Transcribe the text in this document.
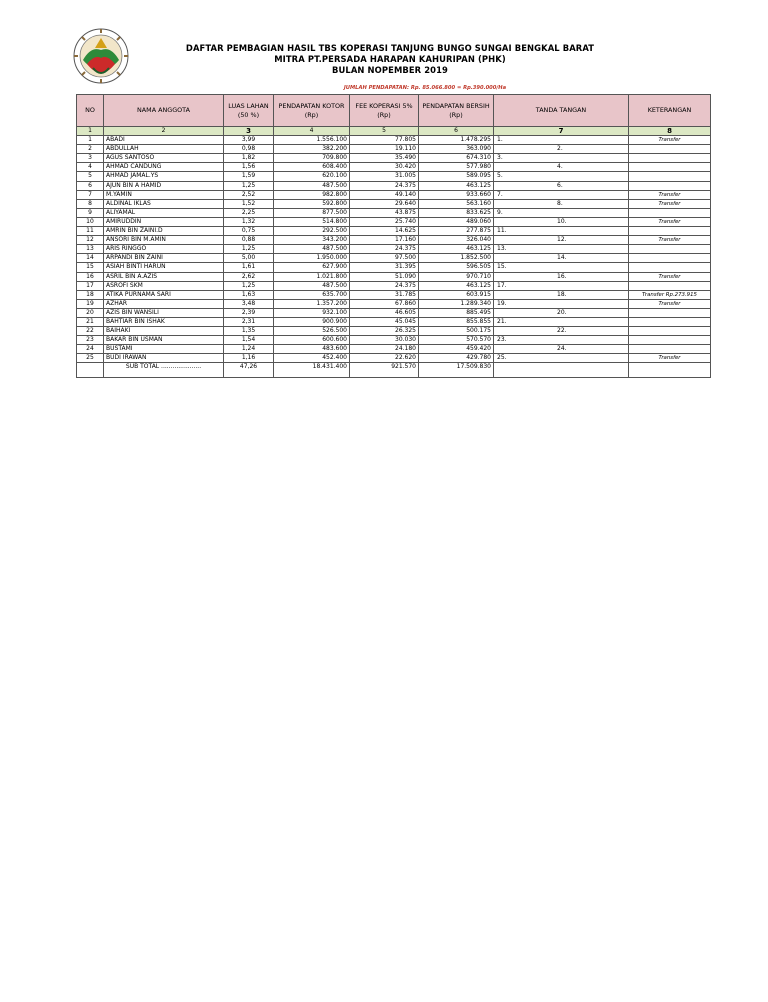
DAFTAR PEMBAGIAN HASIL TBS KOPERASI TANJUNG BUNGO SUNGAI BENGKAL BARAT
MITRA PT.PERSADA HARAPAN KAHURIPAN (PHK)
BULAN NOPEMBER 2019
JUMLAH PENDAPATAN: Rp. 85.066.800 = Rp.390.000/Ha
NO	NAMA ANGGOTA	LUAS LAHAN (50 %)	PENDAPATAN KOTOR (Rp)	FEE KOPERASI 5% (Rp)	PENDAPATAN BERSIH (Rp)	TANDA TANGAN	KETERANGAN
1	2	3	4	5	6	7	8
1	ABADI	3,99	1.556.100	77.805	1.478.295	1.	Transfer
2	ABDULLAH	0,98	382.200	19.110	363.090	2.	

3	AGUS SANTOSO	1,82	709.800	35.490	674.310	3.	

4	AHMAD CANDUNG	1,56	608.400	30.420	577.980	4.	

5	AHMAD JAMAL.YS	1,59	620.100	31.005	589.095	5.	

6	AJUN BIN A HAMID	1,25	487.500	24.375	463.125	6.	

7	M.YAMIN	2,52	982.800	49.140	933.660	7.	Transfer
8	ALDINAL IKLAS	1,52	592.800	29.640	563.160	8.	Transfer
9	ALIYAMAL	2,25	877.500	43.875	833.625	9.	

10	AMIRUDDIN	1,32	514.800	25.740	489.060	10.	Transfer
11	AMRIN BIN ZAINI.D	0,75	292.500	14.625	277.875	11.	

12	ANSORI BIN M.AMIN	0,88	343.200	17.160	326.040	12.	Transfer
13	ARIS RINGGO	1,25	487.500	24.375	463.125	13.	

14	ARPANDI BIN ZAINI	5,00	1.950.000	97.500	1.852.500	14.	

15	ASIAH BINTI HARUN	1,61	627.900	31.395	596.505	15.	

16	ASRIL BIN A.AZIS	2,62	1.021.800	51.090	970.710	16.	Transfer
17	ASROFI SKM	1,25	487.500	24.375	463.125	17.	

18	ATIKA PURNAMA SARI	1,63	635.700	31.785	603.915	18.	Transfer Rp.273.915
19	AZHAR	3,48	1.357.200	67.860	1.289.340	19.	Transfer
20	AZIS BIN WANSILI	2,39	932.100	46.605	885.495	20.	

21	BAHTIAR BIN ISHAK	2,31	900.900	45.045	855.855	21.	

22	BAIHAKI	1,35	526.500	26.325	500.175	22.	

23	BAKAR BIN USMAN	1,54	600.600	30.030	570.570	23.	

24	BUSTAMI	1,24	483.600	24.180	459.420	24.	

25	BUDI IRAWAN	1,16	452.400	22.620	429.780	25.	Transfer
	SUB TOTAL .....................	47,26	18.431.400	921.570	17.509.830		
